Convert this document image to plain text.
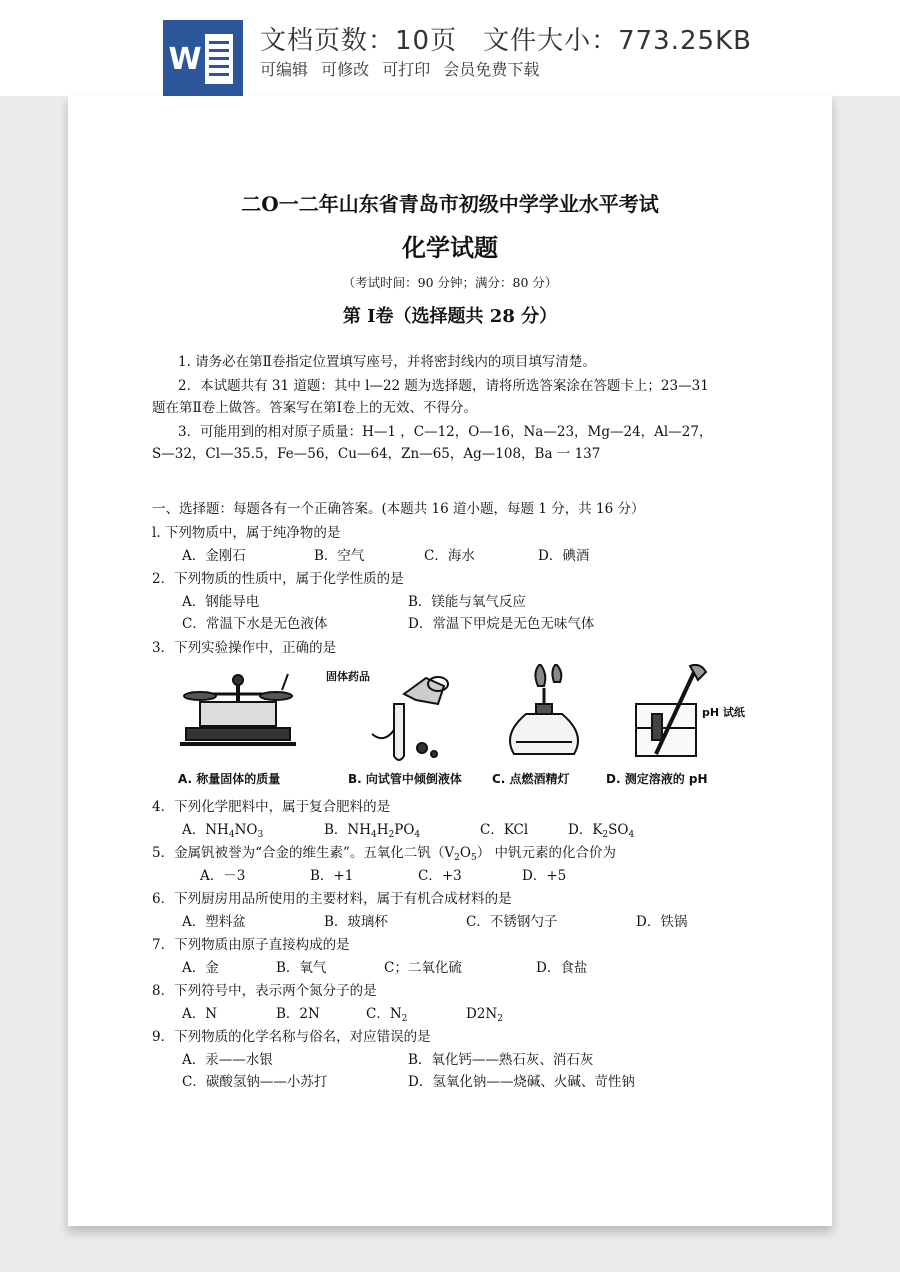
W
文档页数：10页 文件大小：773.25KB
可编辑 可修改 可打印 会员免费下载
二O一二年山东省青岛市初级中学学业水平考试
化学试题
（考试时间：90 分钟；满分：80 分）
第 Ⅰ卷（选择题共 28 分）
1. 请务必在第Ⅱ卷指定位置填写座号，并将密封线内的项目填写清楚。
2．本试题共有 31 道题：其中 l—22 题为选择题，请将所选答案涂在答题卡上；23—31
题在第Ⅱ卷上做答。答案写在第Ⅰ卷上的无效、不得分。
3．可能用到的相对原子质量：H—1 ，C—12，O—16，Na—23，Mg—24，Al—27，
S—32，Cl—35.5，Fe—56，Cu—64，Zn—65，Ag—108，Ba 一 137
一、选择题：每题各有一个正确答案。(本题共 16 道小题，每题 1 分，共 16 分）
l. 下列物质中，属于纯净物的是
A．金刚石	B．空气	C．海水	D．碘酒
2．下列物质的性质中，属于化学性质的是
A．钢能导电	B．镁能与氧气反应
C．常温下水是无色液体	D．常温下甲烷是无色无味气体
3．下列实验操作中，正确的是
固体药品
pH 试纸
A. 称量固体的质量	B. 向试管中倾倒液体	C. 点燃酒精灯	D. 测定溶液的 pH
4．下列化学肥料中，属于复合肥料的是
A．$NH_4NO_3$	B．$NH_4H_2PO_4$	C．KCl	D．$K_2SO_4$
5．金属钒被誉为“合金的维生素”。五氧化二钒$(V_2O_5)$ 中钒元素的化合价为
A．－3	B．+1	C．+3	D．+5
6．下列厨房用品所使用的主要材料，属于有机合成材料的是
A．塑料盆	B．玻璃杯	C．不锈钢勺子	D．铁锅
7．下列物质由原子直接构成的是
A．金	B．氧气	C；二氧化硫	D．食盐
8．下列符号中，表示两个氮分子的是
A．N	B．2N	C．$N_2$	$D2N_2$
9．下列物质的化学名称与俗名，对应错误的是
A．汞——水银	B．氧化钙——熟石灰、消石灰
C．碳酸氢钠——小苏打	D．氢氧化钠——烧碱、火碱、苛性钠
